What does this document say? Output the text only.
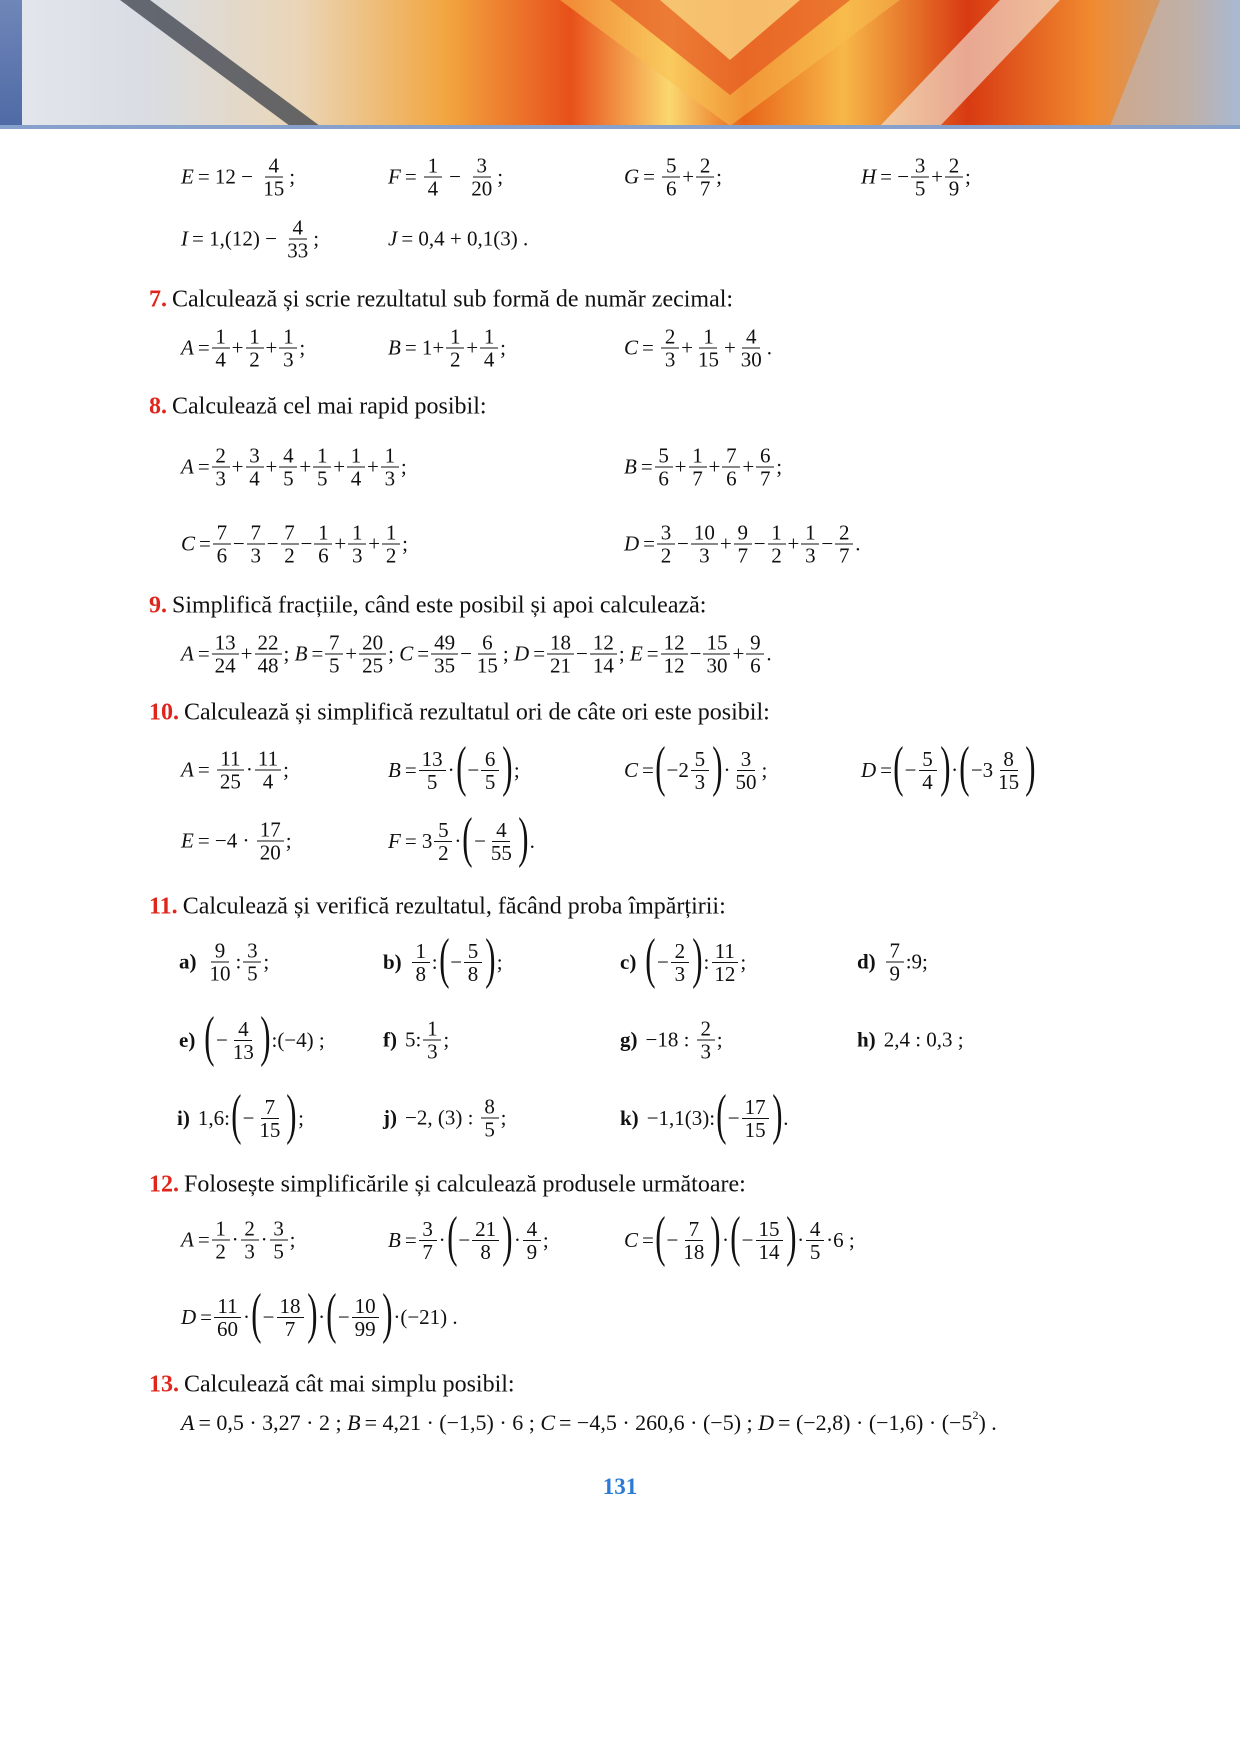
$E = 12 - \frac{4}{15}$ ;	$F = \frac{1}{4} - \frac{3}{20}$ ;	$G = \frac{5}{6} + \frac{2}{7}$ ;	H = − $\frac{3}{5} + \frac{2}{9}$ ;
$I = 1,(12) - \frac{4}{33}$ ;	J = 0,4 + 0,1(3) .
7. Calculează și scrie rezultatul sub formă de număr zecimal:
$A = \frac{1}{4} + \frac{1}{2} + \frac{1}{3}$ ;	$B = 1+ \frac{1}{2} + \frac{1}{4}$ ;	$C = \frac{2}{3} + \frac{1}{15} + \frac{4}{30}$ .
8. Calculează cel mai rapid posibil:
$A = \frac{2}{3} + \frac{3}{4} + \frac{4}{5} + \frac{1}{5} + \frac{1}{4} + \frac{1}{3}$ ;	$B = \frac{5}{6} + \frac{1}{7} + \frac{7}{6} + \frac{6}{7}$ ;
$C = \frac{7}{6} - \frac{7}{3} - \frac{7}{2} - \frac{1}{6} + \frac{1}{3} + \frac{1}{2}$ ;	$D = \frac{3}{2} - \frac{10}{3} + \frac{9}{7} - \frac{1}{2} + \frac{1}{3} - \frac{2}{7}$ .
9. Simplifică fracțiile, când este posibil și apoi calculează:
$A = \frac{13}{24} + \frac{22}{48}$ ; $B = \frac{7}{5} + \frac{20}{25}$ ; $C = \frac{49}{35} - \frac{6}{15}$ ; $D = \frac{18}{21} - \frac{12}{14}$ ; $E = \frac{12}{12} - \frac{15}{30} + \frac{9}{6}$ .
10. Calculează și simplifică rezultatul ori de câte ori este posibil:
$A = \frac{11}{25} \cdot \frac{11}{4}$ ;	$B = \frac{13}{5}$ · ( − $\frac{6}{5}$ ) ;	C = ( $-2 \frac{5}{3}$ ) · $\frac{3}{50}$ ;	D = ( − $\frac{5}{4}$ ) · ( $-3 \frac{8}{15}$ )
$E = -4 \cdot \frac{17}{20}$ ;	$F = 3 \frac{5}{2}$ · ( − $\frac{4}{55}$ ) .
11. Calculează și verifică rezultatul, făcând proba împărțirii:
$a) \frac{9}{10}$ : $\frac{3}{5}$ ;	$b) \frac{1}{8}$ : ( − $\frac{5}{8}$ ) ;	c) ( − $\frac{2}{3}$ ) : $\frac{11}{12}$ ;	$d) \frac{7}{9}$ :9;
e) ( − $\frac{4}{13}$ ) :(−4) ;	f) 5: $\frac{1}{3}$ ;	g) −18 : $\frac{2}{3}$ ;	h) 2,4 : 0,3 ;
i) 1,6: ( − $\frac{7}{15}$ ) ;	j) −2, (3) : $\frac{8}{5}$ ;	k) −1,1(3): ( − $\frac{17}{15}$ ) .
12. Folosește simplificările și calculează produsele următoare:
$A = \frac{1}{2} \cdot \frac{2}{3} \cdot \frac{3}{5}$ ;	$B = \frac{3}{7}$ · ( − $\frac{21}{8}$ ) · $\frac{4}{9}$ ;	C = ( − $\frac{7}{18}$ ) · ( − $\frac{15}{14}$ ) · $\frac{4}{5} \cdot 6$ ;
$D = \frac{11}{60}$ · ( − $\frac{18}{7}$ ) · ( − $\frac{10}{99}$ ) ·(−21) .
13. Calculează cât mai simplu posibil:
A = 0,5 · 3,27 · 2 ; B = 4,21 · (−1,5) · 6 ; C = −4,5 · 260,6 · (−5) ; D = (−2,8) · (−1,6) · (−5 2 ) .
131
